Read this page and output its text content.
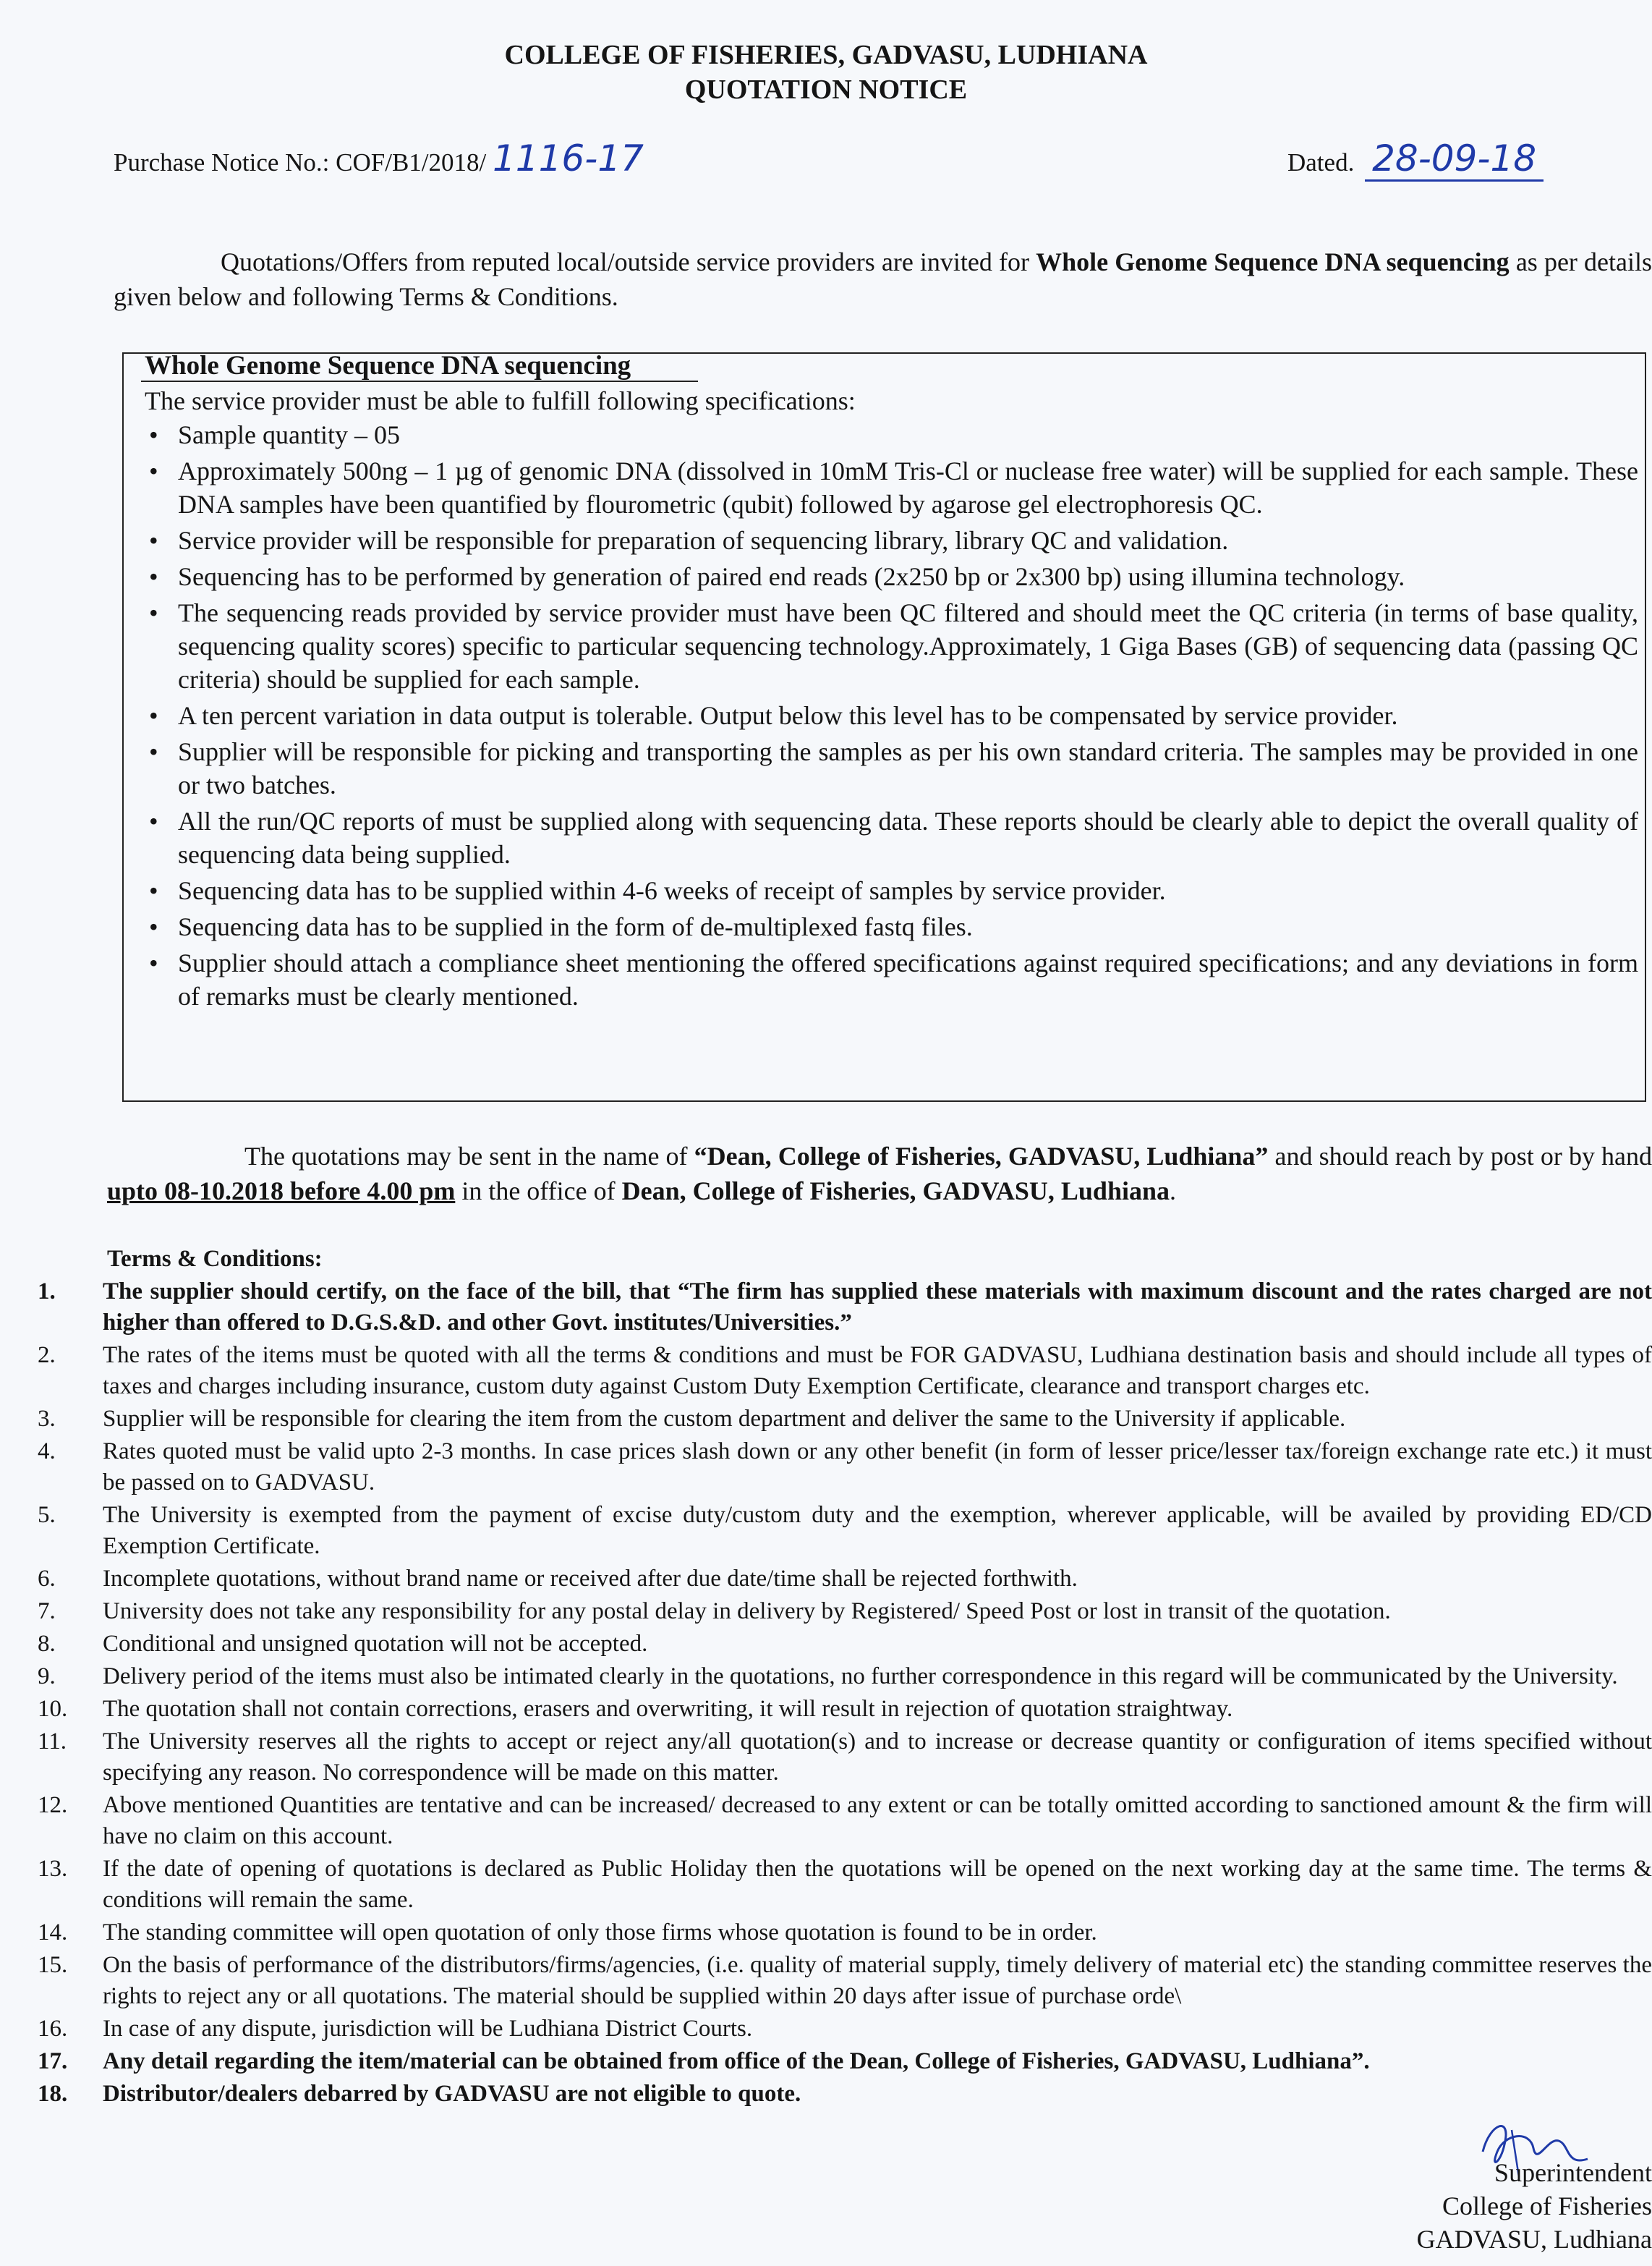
COLLEGE OF FISHERIES, GADVASU, LUDHIANA
QUOTATION NOTICE
Purchase Notice No.: COF/B1/2018/ 1116-17	Dated. 28-09-18
Quotations/Offers from reputed local/outside service providers are invited for Whole Genome Sequence DNA sequencing as per details given below and following Terms & Conditions.
Whole Genome Sequence DNA sequencing
The service provider must be able to fulfill following specifications:
• Sample quantity – 05
• Approximately 500ng – 1 µg of genomic DNA (dissolved in 10mM Tris-Cl or nuclease free water) will be supplied for each sample. These DNA samples have been quantified by flourometric (qubit) followed by agarose gel electrophoresis QC.
• Service provider will be responsible for preparation of sequencing library, library QC and validation.
• Sequencing has to be performed by generation of paired end reads (2x250 bp or 2x300 bp) using illumina technology.
• The sequencing reads provided by service provider must have been QC filtered and should meet the QC criteria (in terms of base quality, sequencing quality scores) specific to particular sequencing technology.Approximately, 1 Giga Bases (GB) of sequencing data (passing QC criteria) should be supplied for each sample.
• A ten percent variation in data output is tolerable. Output below this level has to be compensated by service provider.
• Supplier will be responsible for picking and transporting the samples as per his own standard criteria. The samples may be provided in one or two batches.
• All the run/QC reports of must be supplied along with sequencing data. These reports should be clearly able to depict the overall quality of sequencing data being supplied.
• Sequencing data has to be supplied within 4-6 weeks of receipt of samples by service provider.
• Sequencing data has to be supplied in the form of de-multiplexed fastq files.
• Supplier should attach a compliance sheet mentioning the offered specifications against required specifications; and any deviations in form of remarks must be clearly mentioned.
The quotations may be sent in the name of “Dean, College of Fisheries, GADVASU, Ludhiana” and should reach by post or by hand upto 08-10.2018 before 4.00 pm in the office of Dean, College of Fisheries, GADVASU, Ludhiana.
Terms & Conditions:
1.	The supplier should certify, on the face of the bill, that “The firm has supplied these materials with maximum discount and the rates charged are not higher than offered to D.G.S.&D. and other Govt. institutes/Universities.”
2.	The rates of the items must be quoted with all the terms & conditions and must be FOR GADVASU, Ludhiana destination basis and should include all types of taxes and charges including insurance, custom duty against Custom Duty Exemption Certificate, clearance and transport charges etc.
3.	Supplier will be responsible for clearing the item from the custom department and deliver the same to the University if applicable.
4.	Rates quoted must be valid upto 2-3 months. In case prices slash down or any other benefit (in form of lesser price/lesser tax/foreign exchange rate etc.) it must be passed on to GADVASU.
5.	The University is exempted from the payment of excise duty/custom duty and the exemption, wherever applicable, will be availed by providing ED/CD Exemption Certificate.
6.	Incomplete quotations, without brand name or received after due date/time shall be rejected forthwith.
7.	University does not take any responsibility for any postal delay in delivery by Registered/ Speed Post or lost in transit of the quotation.
8.	Conditional and unsigned quotation will not be accepted.
9.	Delivery period of the items must also be intimated clearly in the quotations, no further correspondence in this regard will be communicated by the University.
10.	The quotation shall not contain corrections, erasers and overwriting, it will result in rejection of quotation straightway.
11.	The University reserves all the rights to accept or reject any/all quotation(s) and to increase or decrease quantity or configuration of items specified without specifying any reason. No correspondence will be made on this matter.
12.	Above mentioned Quantities are tentative and can be increased/ decreased to any extent or can be totally omitted according to sanctioned amount & the firm will have no claim on this account.
13.	If the date of opening of quotations is declared as Public Holiday then the quotations will be opened on the next working day at the same time. The terms & conditions will remain the same.
14.	The standing committee will open quotation of only those firms whose quotation is found to be in order.
15.	On the basis of performance of the distributors/firms/agencies, (i.e. quality of material supply, timely delivery of material etc) the standing committee reserves the rights to reject any or all quotations. The material should be supplied within 20 days after issue of purchase orde\
16.	In case of any dispute, jurisdiction will be Ludhiana District Courts.
17.	Any detail regarding the item/material can be obtained from office of the Dean, College of Fisheries, GADVASU, Ludhiana”.
18.	Distributor/dealers debarred by GADVASU are not eligible to quote.
Superintendent
College of Fisheries
GADVASU, Ludhiana
